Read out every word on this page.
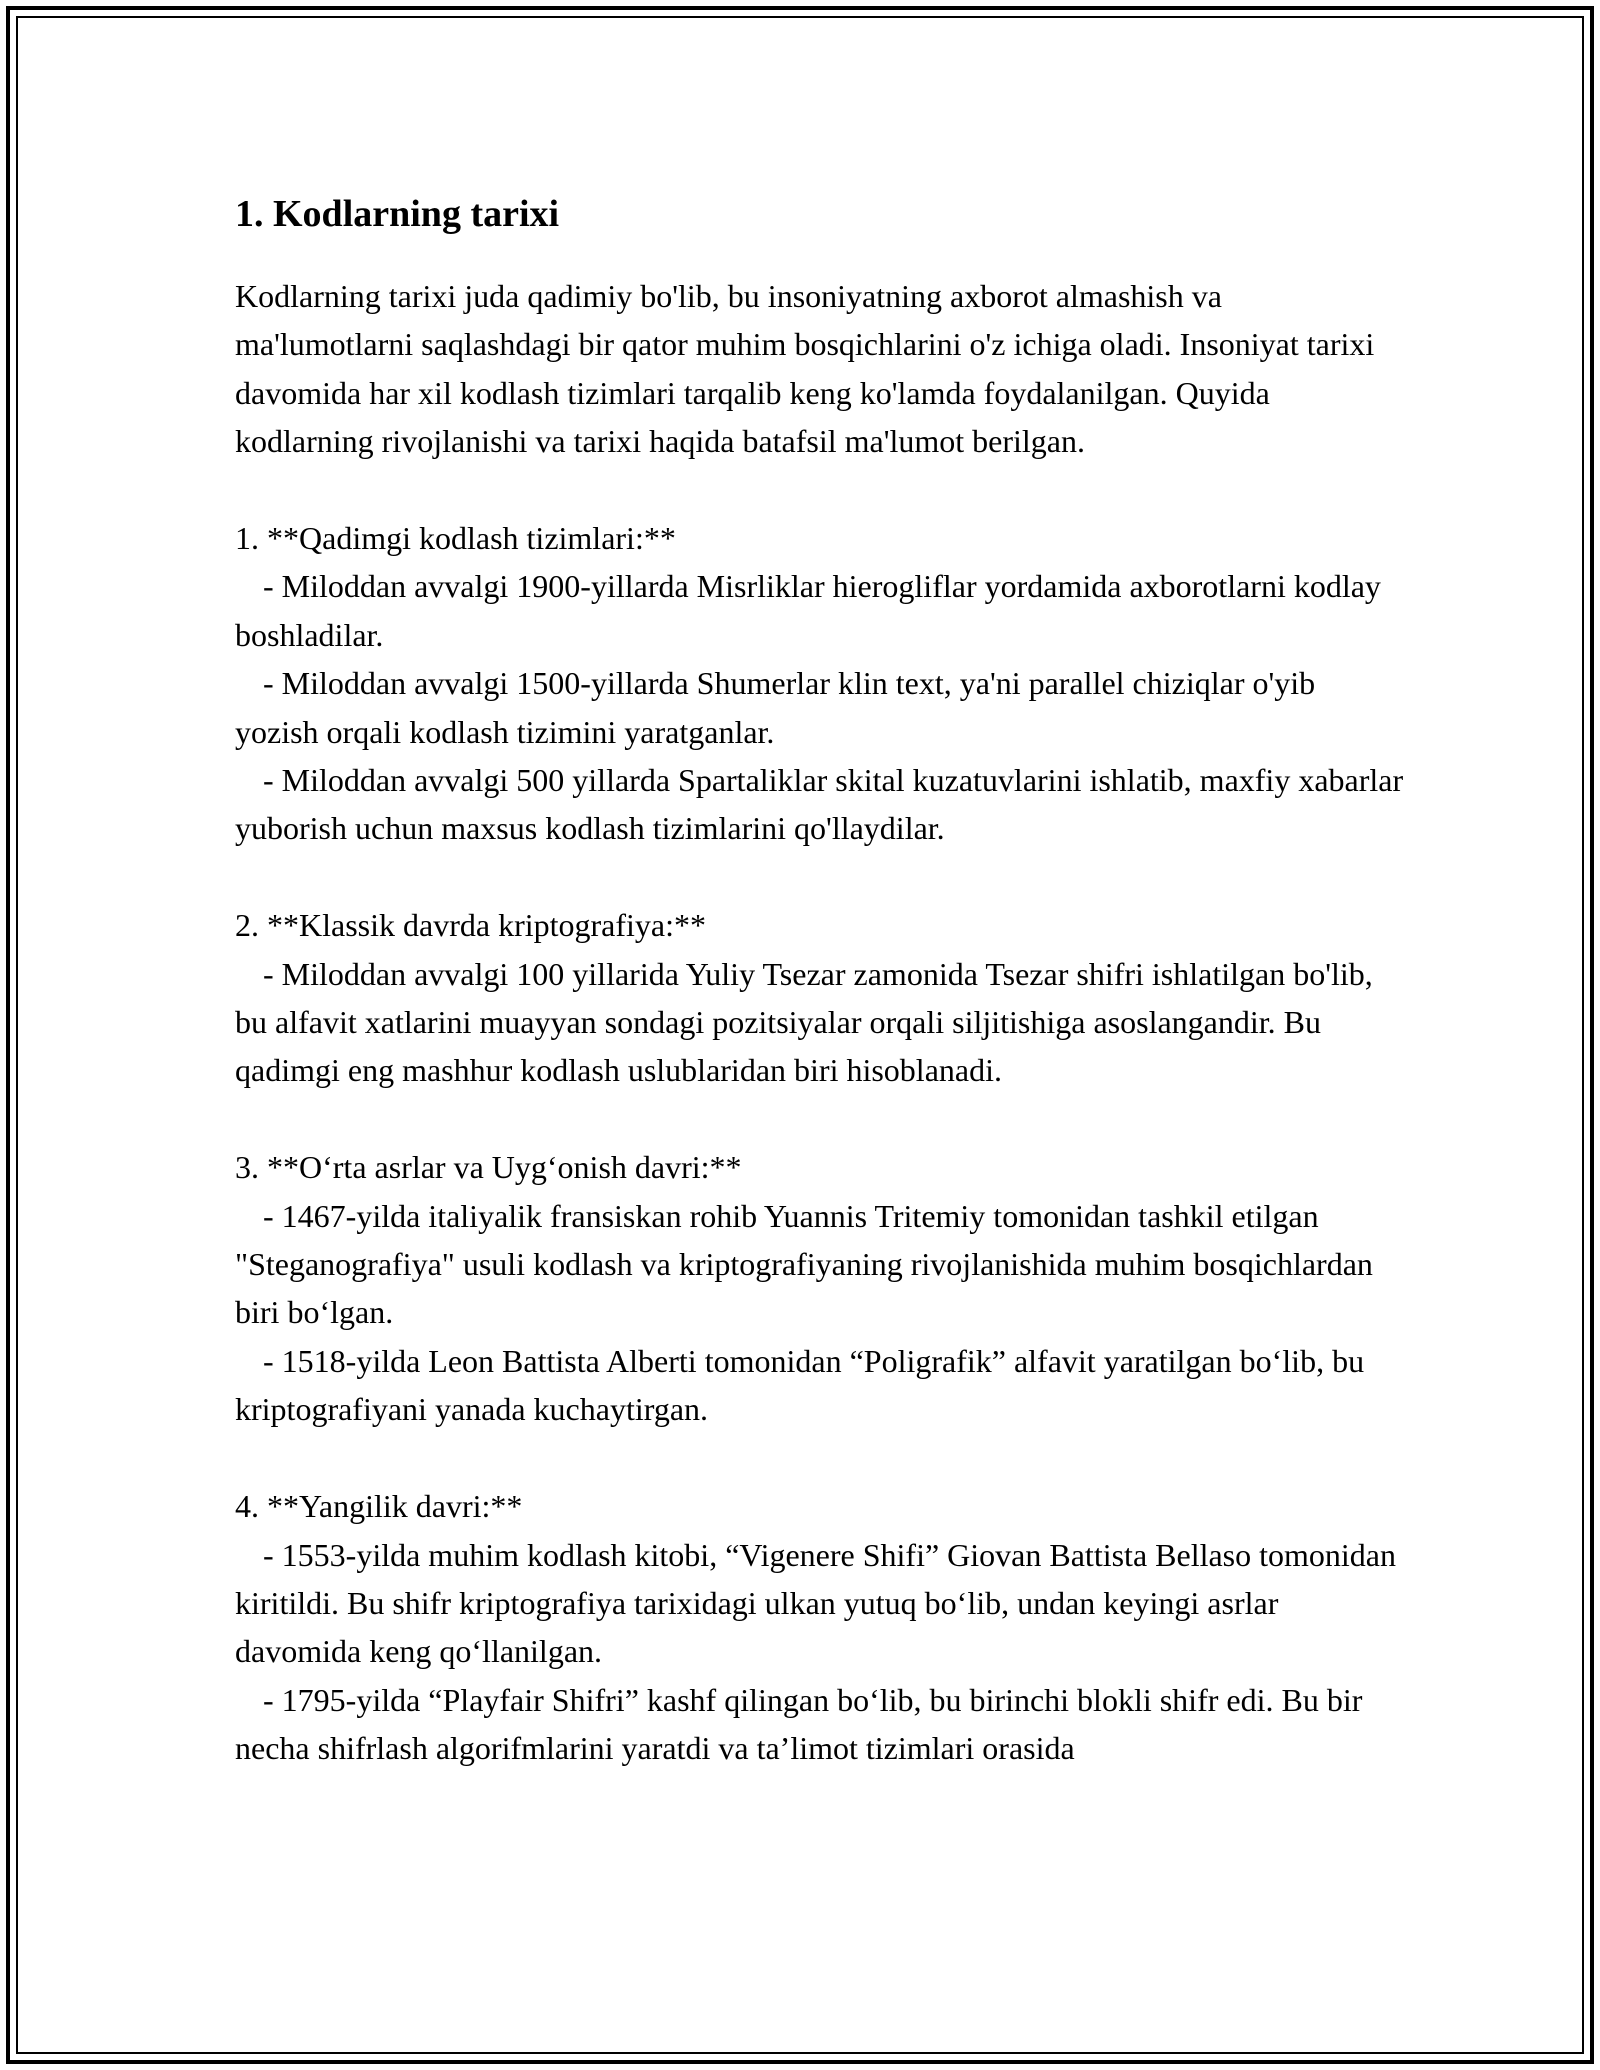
1. Kodlarning tarixi

Kodlarning tarixi juda qadimiy bo'lib, bu insoniyatning axborot almashish va ma'lumotlarni saqlashdagi bir qator muhim bosqichlarini o'z ichiga oladi. Insoniyat tarixi davomida har xil kodlash tizimlari tarqalib keng ko'lamda foydalanilgan. Quyida kodlarning rivojlanishi va tarixi haqida batafsil ma'lumot berilgan.

1. **Qadimgi kodlash tizimlari:**

- Miloddan avvalgi 1900-yillarda Misrliklar hierogliflar yordamida axborotlarni kodlay boshladilar.

- Miloddan avvalgi 1500-yillarda Shumerlar klin text, ya'ni parallel chiziqlar o'yib yozish orqali kodlash tizimini yaratganlar.

- Miloddan avvalgi 500 yillarda Spartaliklar skital kuzatuvlarini ishlatib, maxfiy xabarlar yuborish uchun maxsus kodlash tizimlarini qo'llaydilar.

2. **Klassik davrda kriptografiya:**

- Miloddan avvalgi 100 yillarida Yuliy Tsezar zamonida Tsezar shifri ishlatilgan bo'lib, bu alfavit xatlarini muayyan sondagi pozitsiyalar orqali siljitishiga asoslangandir. Bu qadimgi eng mashhur kodlash uslublaridan biri hisoblanadi.

3. **O‘rta asrlar va Uyg‘onish davri:**

- 1467-yilda italiyalik fransiskan rohib Yuannis Tritemiy tomonidan tashkil etilgan "Steganografiya" usuli kodlash va kriptografiyaning rivojlanishida muhim bosqichlardan biri bo‘lgan.

- 1518-yilda Leon Battista Alberti tomonidan “Poligrafik” alfavit yaratilgan bo‘lib, bu kriptografiyani yanada kuchaytirgan.

4. **Yangilik davri:**

- 1553-yilda muhim kodlash kitobi, “Vigenere Shifi” Giovan Battista Bellaso tomonidan kiritildi. Bu shifr kriptografiya tarixidagi ulkan yutuq bo‘lib, undan keyingi asrlar davomida keng qo‘llanilgan.

- 1795-yilda “Playfair Shifri” kashf qilingan bo‘lib, bu birinchi blokli shifr edi. Bu bir necha shifrlash algorifmlarini yaratdi va ta’limot tizimlari orasida
